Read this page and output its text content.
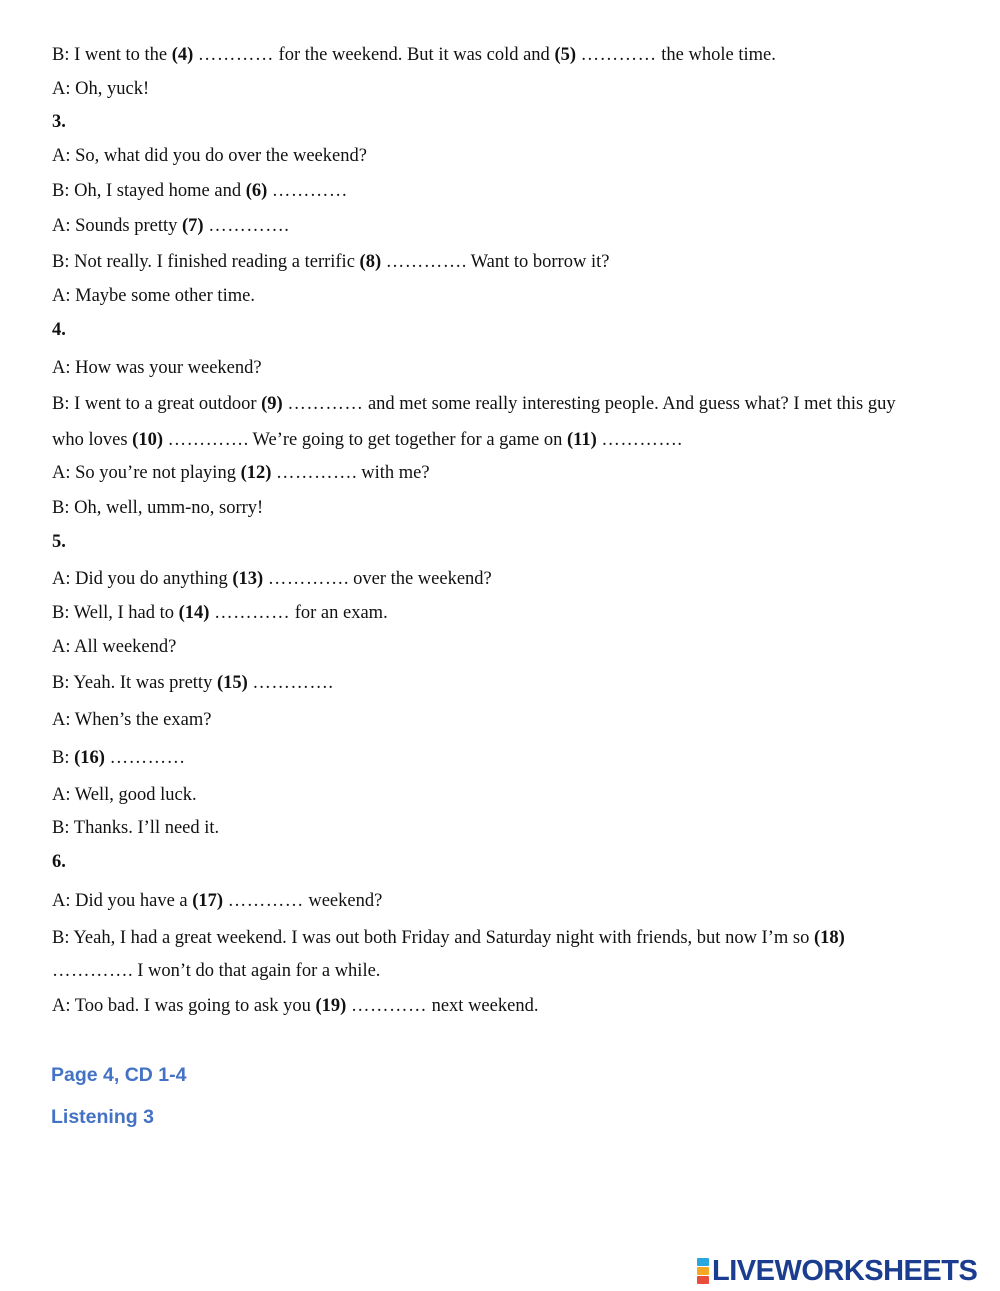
B: I went to the (4) ………… for the weekend. But it was cold and (5) ………… the whole time.
A: Oh, yuck!
3.
A: So, what did you do over the weekend?
B: Oh, I stayed home and (6) …………
A: Sounds pretty (7) ………….
B: Not really. I finished reading a terrific (8) …………. Want to borrow it?
A: Maybe some other time.
4.
A: How was your weekend?
B: I went to a great outdoor (9) ………… and met some really interesting people. And guess what? I met this guy
who loves (10) …………. We’re going to get together for a game on (11) ………….
A: So you’re not playing (12) …………. with me?
B: Oh, well, umm-no, sorry!
5.
A: Did you do anything (13) …………. over the weekend?
B: Well, I had to (14) ………… for an exam.
A: All weekend?
B: Yeah. It was pretty (15) ………….
A: When’s the exam?
B: (16) …………
A: Well, good luck.
B: Thanks. I’ll need it.
6.
A: Did you have a (17) ………… weekend?
B: Yeah, I had a great weekend. I was out both Friday and Saturday night with friends, but now I’m so (18)
…………. I won’t do that again for a while.
A: Too bad. I was going to ask you (19) ………… next weekend.
Page 4, CD 1-4
Listening 3
LIVEWORKSHEETS
